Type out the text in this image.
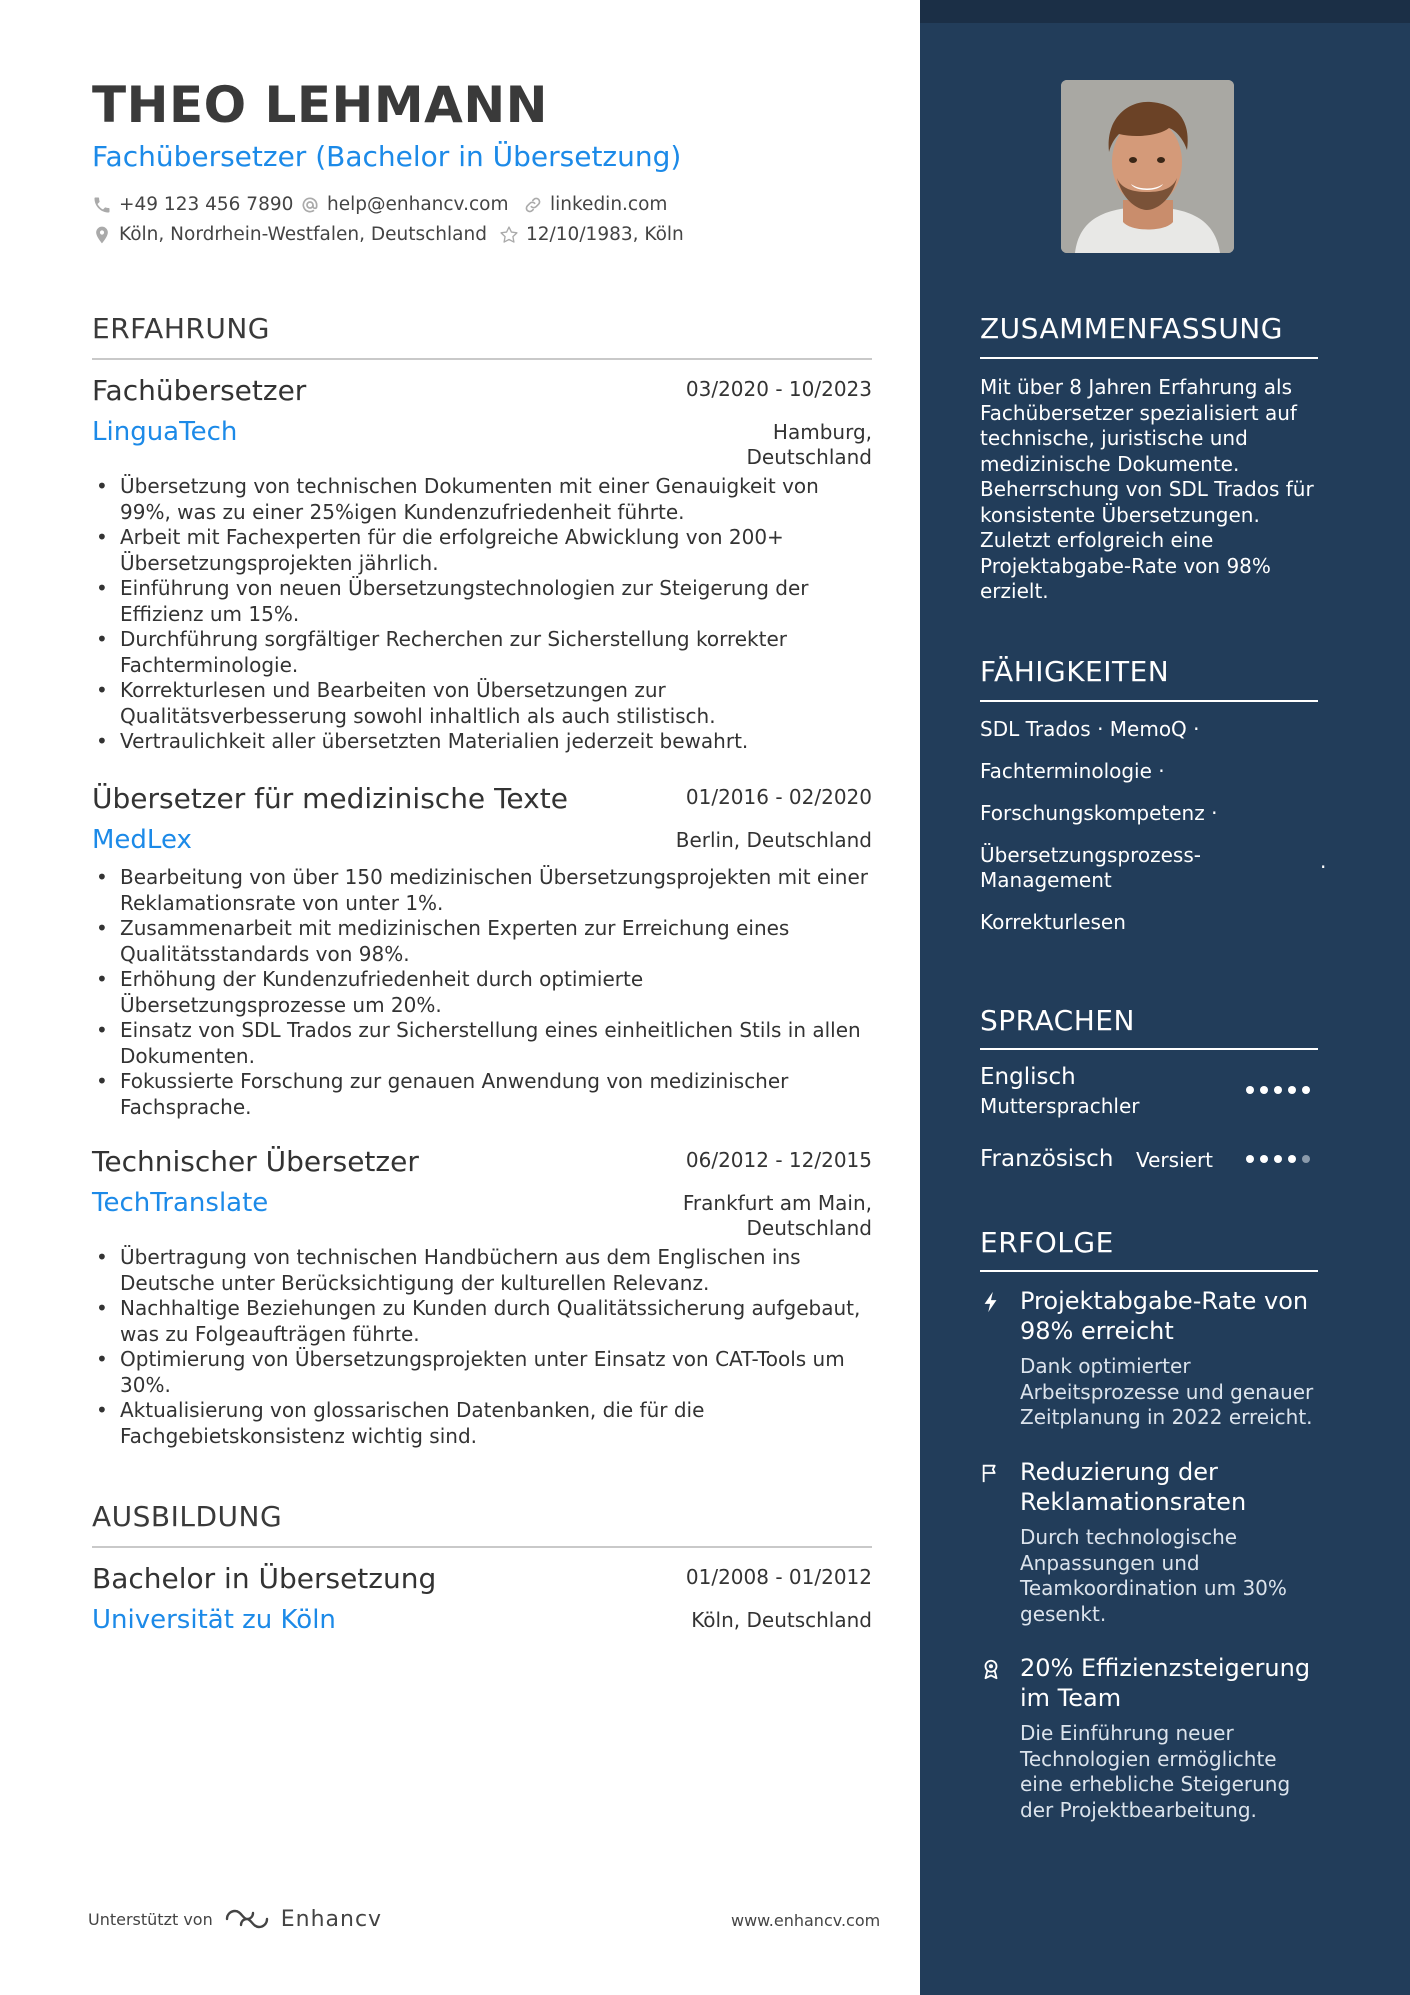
THEO LEHMANN
Fachübersetzer (Bachelor in Übersetzung)
+49 123 456 7890 help@enhancv.com linkedin.com
Köln, Nordrhein-Westfalen, Deutschland 12/10/1983, Köln
ERFAHRUNG
Fachübersetzer	03/2020 - 10/2023
LinguaTech	Hamburg, Deutschland
• Übersetzung von technischen Dokumenten mit einer Genauigkeit von 99%, was zu einer 25%igen Kundenzufriedenheit führte.
• Arbeit mit Fachexperten für die erfolgreiche Abwicklung von 200+ Übersetzungsprojekten jährlich.
• Einführung von neuen Übersetzungstechnologien zur Steigerung der Effizienz um 15%.
• Durchführung sorgfältiger Recherchen zur Sicherstellung korrekter Fachterminologie.
• Korrekturlesen und Bearbeiten von Übersetzungen zur Qualitätsverbesserung sowohl inhaltlich als auch stilistisch.
• Vertraulichkeit aller übersetzten Materialien jederzeit bewahrt.
Übersetzer für medizinische Texte	01/2016 - 02/2020
MedLex	Berlin, Deutschland
• Bearbeitung von über 150 medizinischen Übersetzungsprojekten mit einer Reklamationsrate von unter 1%.
• Zusammenarbeit mit medizinischen Experten zur Erreichung eines Qualitätsstandards von 98%.
• Erhöhung der Kundenzufriedenheit durch optimierte Übersetzungsprozesse um 20%.
• Einsatz von SDL Trados zur Sicherstellung eines einheitlichen Stils in allen Dokumenten.
• Fokussierte Forschung zur genauen Anwendung von medizinischer Fachsprache.
Technischer Übersetzer	06/2012 - 12/2015
TechTranslate	Frankfurt am Main, Deutschland
• Übertragung von technischen Handbüchern aus dem Englischen ins Deutsche unter Berücksichtigung der kulturellen Relevanz.
• Nachhaltige Beziehungen zu Kunden durch Qualitätssicherung aufgebaut, was zu Folgeaufträgen führte.
• Optimierung von Übersetzungsprojekten unter Einsatz von CAT-Tools um 30%.
• Aktualisierung von glossarischen Datenbanken, die für die Fachgebietskonsistenz wichtig sind.
AUSBILDUNG
Bachelor in Übersetzung	01/2008 - 01/2012
Universität zu Köln	Köln, Deutschland
Unterstützt von	Enhancv	www.enhancv.com
ZUSAMMENFASSUNG
Mit über 8 Jahren Erfahrung als Fachübersetzer spezialisiert auf technische, juristische und medizinische Dokumente. Beherrschung von SDL Trados für konsistente Übersetzungen. Zuletzt erfolgreich eine Projektabgabe-Rate von 98% erzielt.
FÄHIGKEITEN
SDL Trados · MemoQ ·
Fachterminologie ·
Forschungskompetenz ·
Übersetzungsprozess-Management
·
Korrekturlesen
SPRACHEN
Englisch
Muttersprachler
Französisch Versiert
ERFOLGE
Projektabgabe-Rate von 98% erreicht
Dank optimierter Arbeitsprozesse und genauer Zeitplanung in 2022 erreicht.
Reduzierung der Reklamationsraten
Durch technologische Anpassungen und Teamkoordination um 30% gesenkt.
20% Effizienzsteigerung im Team
Die Einführung neuer Technologien ermöglichte eine erhebliche Steigerung der Projektbearbeitung.
